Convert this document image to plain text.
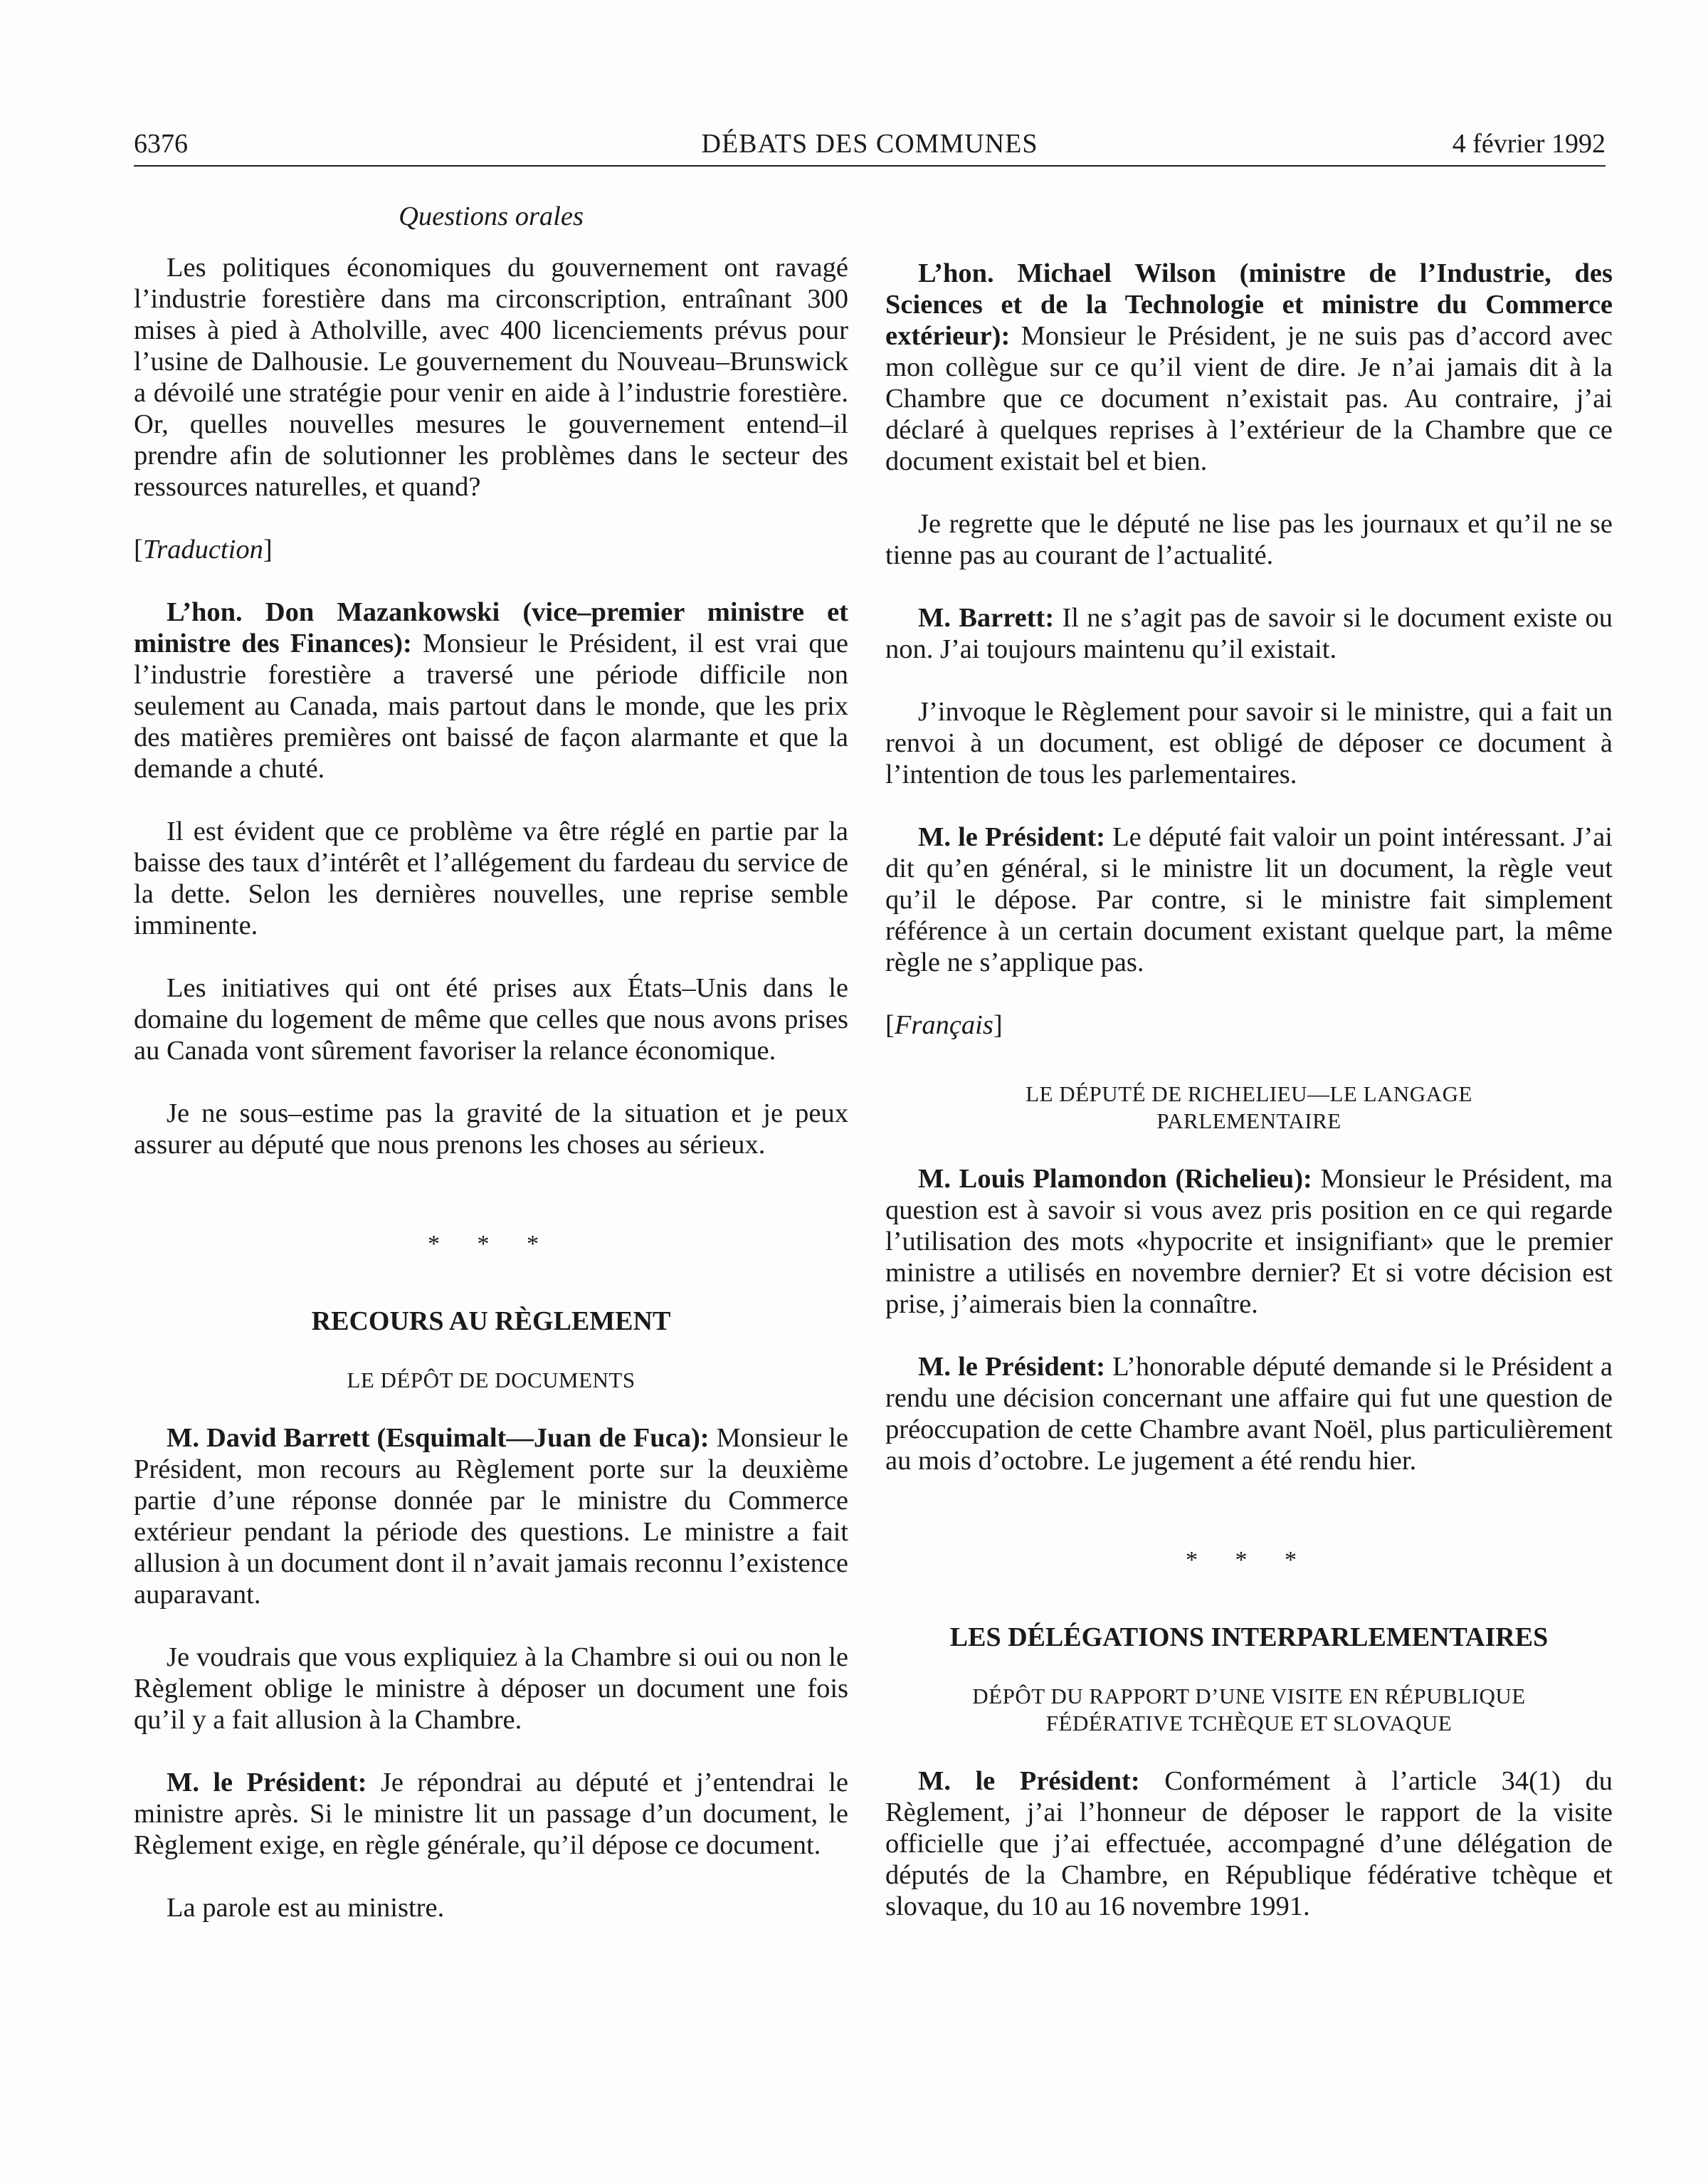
6376	DÉBATS DES COMMUNES	4 février 1992

Questions orales

Les politiques économiques du gouvernement ont ravagé l’industrie forestière dans ma circonscription, entraînant 300 mises à pied à Atholville, avec 400 licenciements prévus pour l’usine de Dalhousie. Le gouvernement du Nouveau–Brunswick a dévoilé une stratégie pour venir en aide à l’industrie forestière. Or, quelles nouvelles mesures le gouvernement entend–il prendre afin de solutionner les problèmes dans le secteur des ressources naturelles, et quand?

[Traduction]

L’hon. Don Mazankowski (vice–premier ministre et ministre des Finances): Monsieur le Président, il est vrai que l’industrie forestière a traversé une période difficile non seulement au Canada, mais partout dans le monde, que les prix des matières premières ont baissé de façon alarmante et que la demande a chuté.

Il est évident que ce problème va être réglé en partie par la baisse des taux d’intérêt et l’allégement du fardeau du service de la dette. Selon les dernières nouvelles, une reprise semble imminente.

Les initiatives qui ont été prises aux États–Unis dans le domaine du logement de même que celles que nous avons prises au Canada vont sûrement favoriser la relance économique.

Je ne sous–estime pas la gravité de la situation et je peux assurer au député que nous prenons les choses au sérieux.

* * *

RECOURS AU RÈGLEMENT

LE DÉPÔT DE DOCUMENTS

M. David Barrett (Esquimalt—Juan de Fuca): Monsieur le Président, mon recours au Règlement porte sur la deuxième partie d’une réponse donnée par le ministre du Commerce extérieur pendant la période des questions. Le ministre a fait allusion à un document dont il n’avait jamais reconnu l’existence auparavant.

Je voudrais que vous expliquiez à la Chambre si oui ou non le Règlement oblige le ministre à déposer un document une fois qu’il y a fait allusion à la Chambre.

M. le Président: Je répondrai au député et j’entendrai le ministre après. Si le ministre lit un passage d’un document, le Règlement exige, en règle générale, qu’il dépose ce document.

La parole est au ministre.

L’hon. Michael Wilson (ministre de l’Industrie, des Sciences et de la Technologie et ministre du Commerce extérieur): Monsieur le Président, je ne suis pas d’accord avec mon collègue sur ce qu’il vient de dire. Je n’ai jamais dit à la Chambre que ce document n’existait pas. Au contraire, j’ai déclaré à quelques reprises à l’extérieur de la Chambre que ce document existait bel et bien.

Je regrette que le député ne lise pas les journaux et qu’il ne se tienne pas au courant de l’actualité.

M. Barrett: Il ne s’agit pas de savoir si le document existe ou non. J’ai toujours maintenu qu’il existait.

J’invoque le Règlement pour savoir si le ministre, qui a fait un renvoi à un document, est obligé de déposer ce document à l’intention de tous les parlementaires.

M. le Président: Le député fait valoir un point intéressant. J’ai dit qu’en général, si le ministre lit un document, la règle veut qu’il le dépose. Par contre, si le ministre fait simplement référence à un certain document existant quelque part, la même règle ne s’applique pas.

[Français]

LE DÉPUTÉ DE RICHELIEU—LE LANGAGE PARLEMENTAIRE

M. Louis Plamondon (Richelieu): Monsieur le Président, ma question est à savoir si vous avez pris position en ce qui regarde l’utilisation des mots «hypocrite et insignifiant» que le premier ministre a utilisés en novembre dernier? Et si votre décision est prise, j’aimerais bien la connaître.

M. le Président: L’honorable député demande si le Président a rendu une décision concernant une affaire qui fut une question de préoccupation de cette Chambre avant Noël, plus particulièrement au mois d’octobre. Le jugement a été rendu hier.

* * *

LES DÉLÉGATIONS INTERPARLEMENTAIRES

DÉPÔT DU RAPPORT D’UNE VISITE EN RÉPUBLIQUE FÉDÉRATIVE TCHÈQUE ET SLOVAQUE

M. le Président: Conformément à l’article 34(1) du Règlement, j’ai l’honneur de déposer le rapport de la visite officielle que j’ai effectuée, accompagné d’une délégation de députés de la Chambre, en République fédérative tchèque et slovaque, du 10 au 16 novembre 1991.
